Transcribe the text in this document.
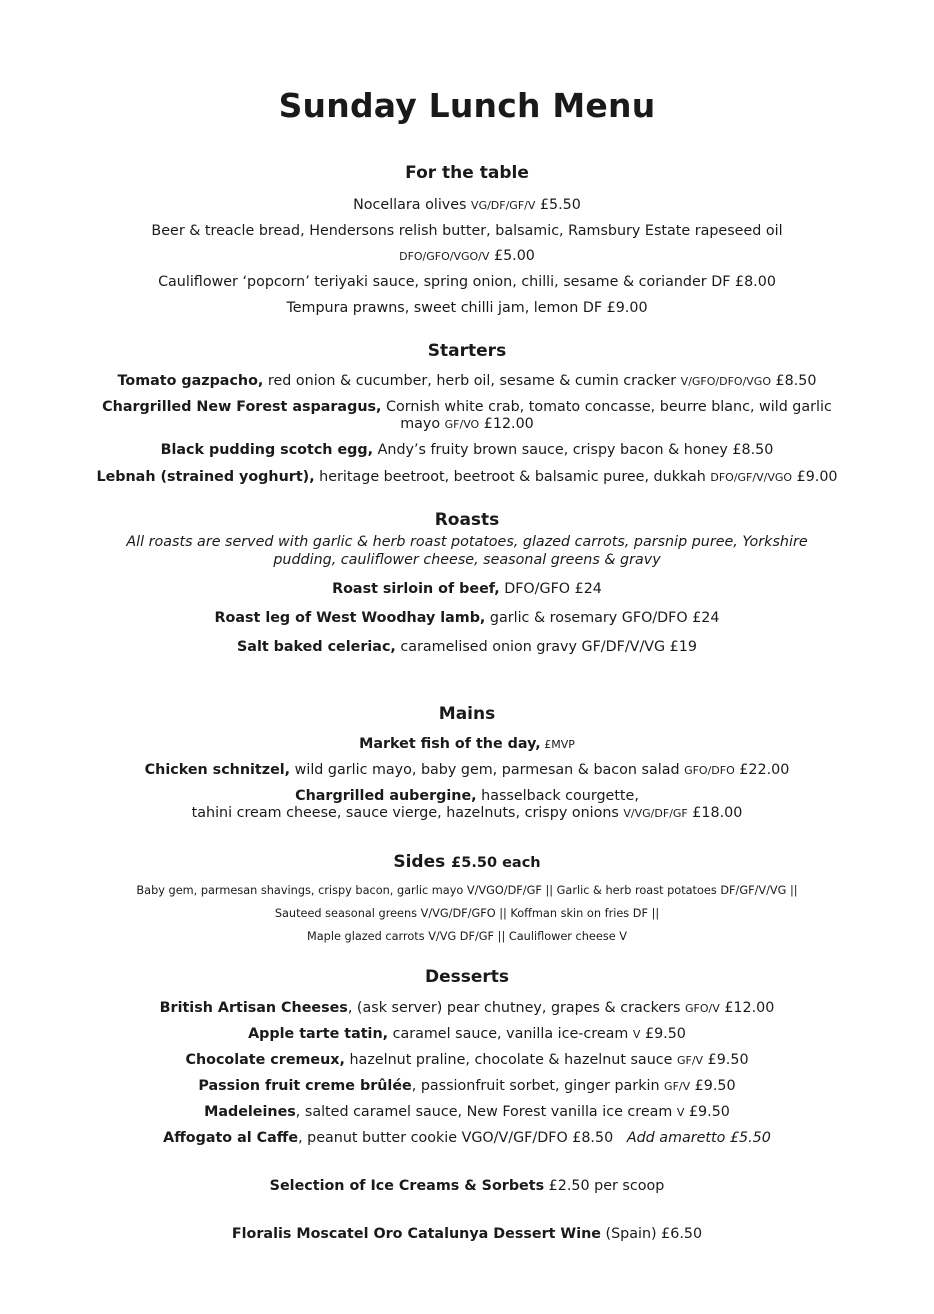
Sunday Lunch Menu
For the table
Nocellara olives VG/DF/GF/V £5.50
Beer & treacle bread, Hendersons relish butter, balsamic, Ramsbury Estate rapeseed oil
DFO/GFO/VGO/V £5.00
Cauliflower ‘popcorn’ teriyaki sauce, spring onion, chilli, sesame & coriander DF £8.00
Tempura prawns, sweet chilli jam, lemon DF £9.00
Starters
Tomato gazpacho, red onion & cucumber, herb oil, sesame & cumin cracker V/GFO/DFO/VGO £8.50
Chargrilled New Forest asparagus, Cornish white crab, tomato concasse, beurre blanc, wild garlic
mayo GF/VO £12.00
Black pudding scotch egg, Andy’s fruity brown sauce, crispy bacon & honey £8.50
Lebnah (strained yoghurt), heritage beetroot, beetroot & balsamic puree, dukkah DFO/GF/V/VGO £9.00
Roasts
All roasts are served with garlic & herb roast potatoes, glazed carrots, parsnip puree, Yorkshire
pudding, cauliflower cheese, seasonal greens & gravy
Roast sirloin of beef, DFO/GFO £24
Roast leg of West Woodhay lamb, garlic & rosemary GFO/DFO £24
Salt baked celeriac, caramelised onion gravy GF/DF/V/VG £19
Mains
Market fish of the day, £MVP
Chicken schnitzel, wild garlic mayo, baby gem, parmesan & bacon salad GFO/DFO £22.00
Chargrilled aubergine, hasselback courgette,
tahini cream cheese, sauce vierge, hazelnuts, crispy onions V/VG/DF/GF £18.00
Sides £5.50 each
Baby gem, parmesan shavings, crispy bacon, garlic mayo V/VGO/DF/GF || Garlic & herb roast potatoes DF/GF/V/VG ||
Sauteed seasonal greens V/VG/DF/GFO || Koffman skin on fries DF ||
Maple glazed carrots V/VG DF/GF || Cauliflower cheese V
Desserts
British Artisan Cheeses, (ask server) pear chutney, grapes & crackers GFO/V £12.00
Apple tarte tatin, caramel sauce, vanilla ice-cream V £9.50
Chocolate cremeux, hazelnut praline, chocolate & hazelnut sauce GF/V £9.50
Passion fruit creme brûlée, passionfruit sorbet, ginger parkin GF/V £9.50
Madeleines, salted caramel sauce, New Forest vanilla ice cream V £9.50
Affogato al Caffe, peanut butter cookie VGO/V/GF/DFO £8.50 Add amaretto £5.50
Selection of Ice Creams & Sorbets £2.50 per scoop
Floralis Moscatel Oro Catalunya Dessert Wine (Spain) £6.50
